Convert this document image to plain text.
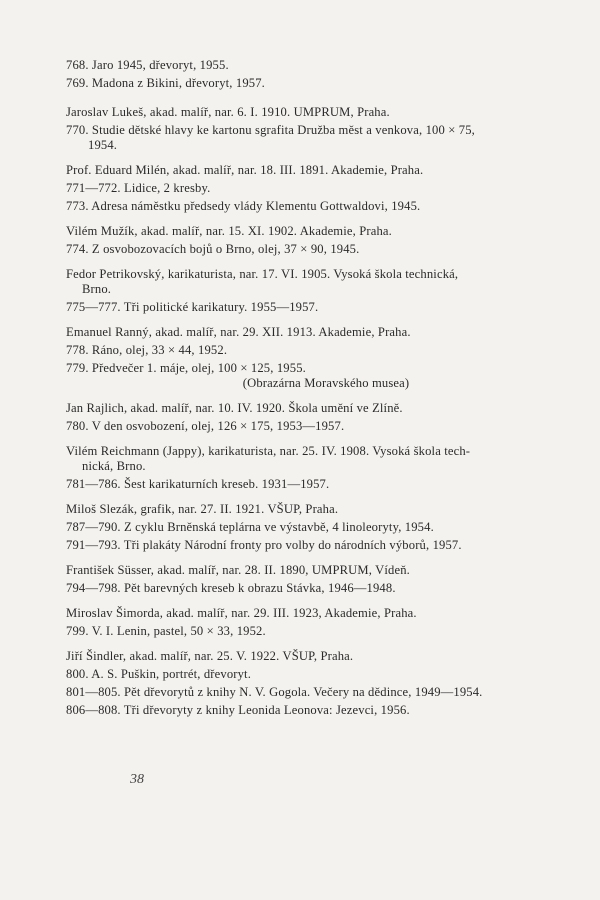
768. Jaro 1945, dřevoryt, 1955.
769. Madona z Bikini, dřevoryt, 1957.
Jaroslav Lukeš, akad. malíř, nar. 6. I. 1910. UMPRUM, Praha.
770. Studie dětské hlavy ke kartonu sgrafita Družba měst a venkova, 100 × 75,
1954.
Prof. Eduard Milén, akad. malíř, nar. 18. III. 1891. Akademie, Praha.
771—772. Lidice, 2 kresby.
773. Adresa náměstku předsedy vlády Klementu Gottwaldovi, 1945.
Vilém Mužík, akad. malíř, nar. 15. XI. 1902. Akademie, Praha.
774. Z osvobozovacích bojů o Brno, olej, 37 × 90, 1945.
Fedor Petrikovský, karikaturista, nar. 17. VI. 1905. Vysoká škola technická,
Brno.
775—777. Tři politické karikatury. 1955—1957.
Emanuel Ranný, akad. malíř, nar. 29. XII. 1913. Akademie, Praha.
778. Ráno, olej, 33 × 44, 1952.
779. Předvečer 1. máje, olej, 100 × 125, 1955.
(Obrazárna Moravského musea)
Jan Rajlich, akad. malíř, nar. 10. IV. 1920. Škola umění ve Zlíně.
780. V den osvobození, olej, 126 × 175, 1953—1957.
Vilém Reichmann (Jappy), karikaturista, nar. 25. IV. 1908. Vysoká škola tech-
nická, Brno.
781—786. Šest karikaturních kreseb. 1931—1957.
Miloš Slezák, grafik, nar. 27. II. 1921. VŠUP, Praha.
787—790. Z cyklu Brněnská teplárna ve výstavbě, 4 linoleoryty, 1954.
791—793. Tři plakáty Národní fronty pro volby do národních výborů, 1957.
František Süsser, akad. malíř, nar. 28. II. 1890, UMPRUM, Vídeň.
794—798. Pět barevných kreseb k obrazu Stávka, 1946—1948.
Miroslav Šimorda, akad. malíř, nar. 29. III. 1923, Akademie, Praha.
799. V. I. Lenin, pastel, 50 × 33, 1952.
Jiří Šindler, akad. malíř, nar. 25. V. 1922. VŠUP, Praha.
800. A. S. Puškin, portrét, dřevoryt.
801—805. Pět dřevorytů z knihy N. V. Gogola. Večery na dědince, 1949—1954.
806—808. Tři dřevoryty z knihy Leonida Leonova: Jezevci, 1956.
38
